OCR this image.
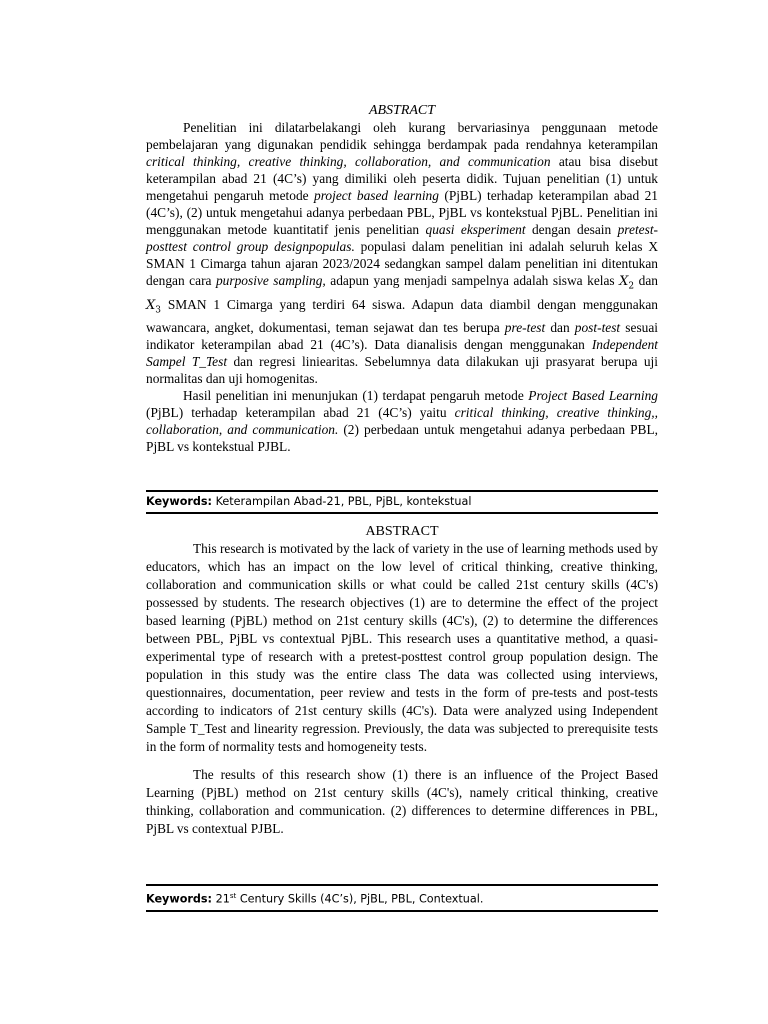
ABSTRACT

Penelitian ini dilatarbelakangi oleh kurang bervariasinya penggunaan metode pembelajaran yang digunakan pendidik sehingga berdampak pada rendahnya keterampilan critical thinking, creative thinking, collaboration, and communication atau bisa disebut keterampilan abad 21 (4C’s) yang dimiliki oleh peserta didik. Tujuan penelitian (1) untuk mengetahui pengaruh metode project based learning (PjBL) terhadap keterampilan abad 21 (4C’s), (2) untuk mengetahui adanya perbedaan PBL, PjBL vs kontekstual PjBL. Penelitian ini menggunakan metode kuantitatif jenis penelitian quasi eksperiment dengan desain pretest-posttest control group designpopulas. populasi dalam penelitian ini adalah seluruh kelas X SMAN 1 Cimarga tahun ajaran 2023/2024 sedangkan sampel dalam penelitian ini ditentukan dengan cara purposive sampling, adapun yang menjadi sampelnya adalah siswa kelas $X_2$ dan $X_3$ SMAN 1 Cimarga yang terdiri 64 siswa. Adapun data diambil dengan menggunakan wawancara, angket, dokumentasi, teman sejawat dan tes berupa pre-test dan post-test sesuai indikator keterampilan abad 21 (4C’s). Data dianalisis dengan menggunakan Independent Sampel T_Test dan regresi liniearitas. Sebelumnya data dilakukan uji prasyarat berupa uji normalitas dan uji homogenitas.

Hasil penelitian ini menunjukan (1) terdapat pengaruh metode Project Based Learning (PjBL) terhadap keterampilan abad 21 (4C’s) yaitu critical thinking, creative thinking,, collaboration, and communication. (2) perbedaan untuk mengetahui adanya perbedaan PBL, PjBL vs kontekstual PJBL.

Keywords: Keterampilan Abad-21, PBL, PjBL, kontekstual

ABSTRACT

This research is motivated by the lack of variety in the use of learning methods used by educators, which has an impact on the low level of critical thinking, creative thinking, collaboration and communication skills or what could be called 21st century skills (4C's) possessed by students. The research objectives (1) are to determine the effect of the project based learning (PjBL) method on 21st century skills (4C's), (2) to determine the differences between PBL, PjBL vs contextual PjBL. This research uses a quantitative method, a quasi-experimental type of research with a pretest-posttest control group population design. The population in this study was the entire class The data was collected using interviews, questionnaires, documentation, peer review and tests in the form of pre-tests and post-tests according to indicators of 21st century skills (4C's). Data were analyzed using Independent Sample T_Test and linearity regression. Previously, the data was subjected to prerequisite tests in the form of normality tests and homogeneity tests.

The results of this research show (1) there is an influence of the Project Based Learning (PjBL) method on 21st century skills (4C's), namely critical thinking, creative thinking, collaboration and communication. (2) differences to determine differences in PBL, PjBL vs contextual PJBL.

Keywords: 21st Century Skills (4C’s), PjBL, PBL, Contextual.
